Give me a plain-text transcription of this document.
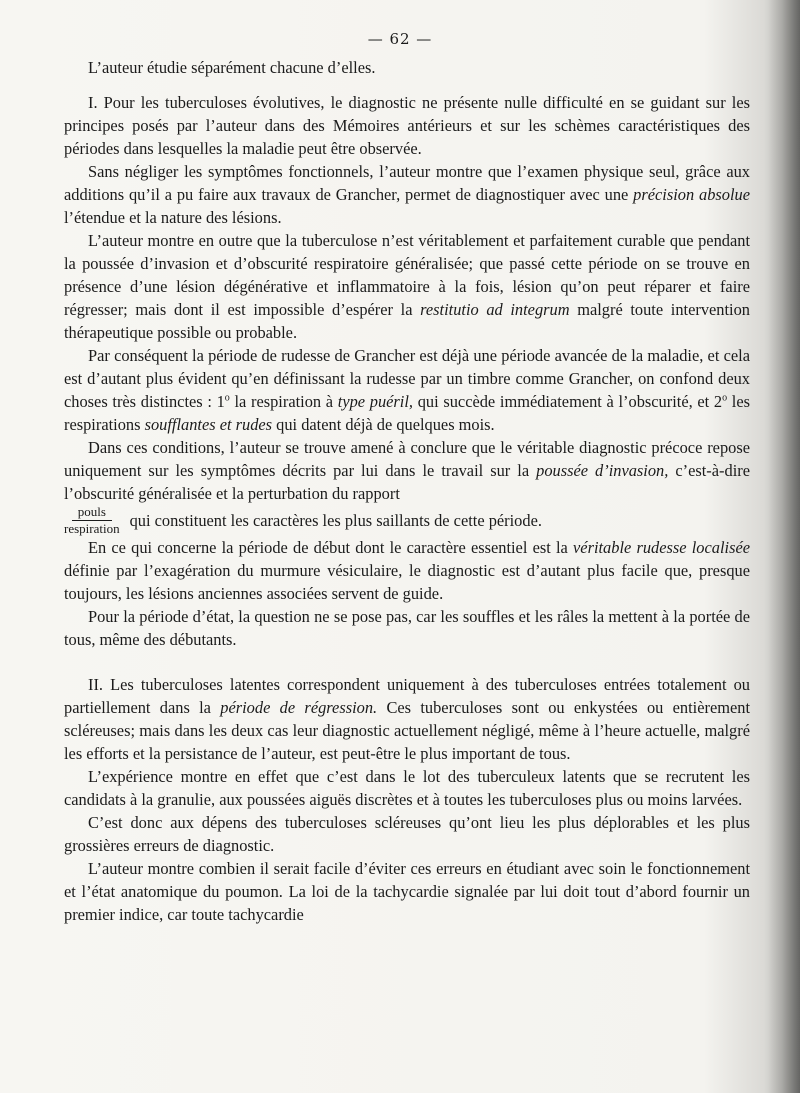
— 62 —

L’auteur étudie séparément chacune d’elles.

I. Pour les tuberculoses évolutives, le diagnostic ne présente nulle difficulté en se guidant sur les principes posés par l’auteur dans des Mémoires antérieurs et sur les schèmes caractéristiques des périodes dans lesquelles la maladie peut être observée.

Sans négliger les symptômes fonctionnels, l’auteur montre que l’examen physique seul, grâce aux additions qu’il a pu faire aux travaux de Grancher, permet de diagnostiquer avec une précision absolue l’étendue et la nature des lésions.

L’auteur montre en outre que la tuberculose n’est véritablement et parfaitement curable que pendant la poussée d’invasion et d’obscurité respiratoire généralisée; que passé cette période on se trouve en présence d’une lésion dégénérative et inflammatoire à la fois, lésion qu’on peut réparer et faire régresser; mais dont il est impossible d’espérer la restitutio ad integrum malgré toute intervention thérapeutique possible ou probable.

Par conséquent la période de rudesse de Grancher est déjà une période avancée de la maladie, et cela est d’autant plus évident qu’en définissant la rudesse par un timbre comme Grancher, on confond deux choses très distinctes : 1$^o$ la respiration à type puéril, qui succède immédiatement à l’obscurité, et 2$^o$ les respirations soufflantes et rudes qui datent déjà de quelques mois.

Dans ces conditions, l’auteur se trouve amené à conclure que le véritable diagnostic précoce repose uniquement sur les symptômes décrits par lui dans le travail sur la poussée d’invasion, c’est-à-dire l’obscurité généralisée et la perturbation du rapport

$\frac{\text{pouls}}{\text{respiration}}$ qui constituent les caractères les plus saillants de cette période.

En ce qui concerne la période de début dont le caractère essentiel est la véritable rudesse localisée définie par l’exagération du murmure vésiculaire, le diagnostic est d’autant plus facile que, presque toujours, les lésions anciennes associées servent de guide.

Pour la période d’état, la question ne se pose pas, car les souffles et les râles la mettent à la portée de tous, même des débutants.

II. Les tuberculoses latentes correspondent uniquement à des tuberculoses entrées totalement ou partiellement dans la période de régression. Ces tuberculoses sont ou enkystées ou entièrement scléreuses; mais dans les deux cas leur diagnostic actuellement négligé, même à l’heure actuelle, malgré les efforts et la persistance de l’auteur, est peut-être le plus important de tous.

L’expérience montre en effet que c’est dans le lot des tuberculeux latents que se recrutent les candidats à la granulie, aux poussées aiguës discrètes et à toutes les tuberculoses plus ou moins larvées.

C’est donc aux dépens des tuberculoses scléreuses qu’ont lieu les plus déplorables et les plus grossières erreurs de diagnostic.

L’auteur montre combien il serait facile d’éviter ces erreurs en étudiant avec soin le fonctionnement et l’état anatomique du poumon. La loi de la tachycardie signalée par lui doit tout d’abord fournir un premier indice, car toute tachycardie
